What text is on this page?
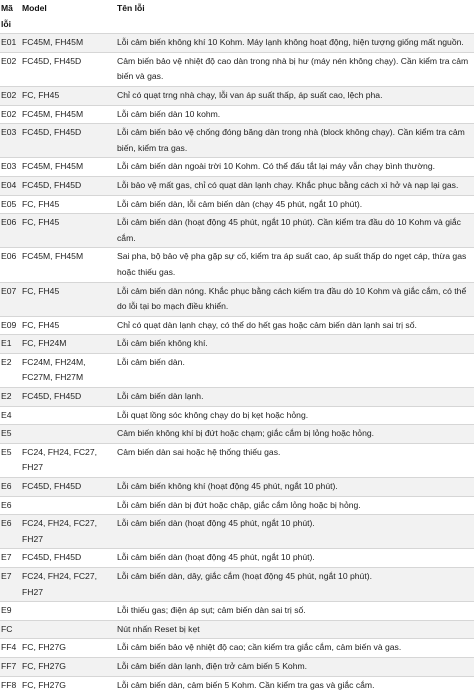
Mã lỗi	Model	Tên lỗi
E01	FC45M, FH45M	Lỗi cảm biến không khí 10 Kohm. Máy lạnh không hoạt động, hiện tượng giống mất nguồn.
E02	FC45D, FH45D	Cảm biến bảo vệ nhiệt độ cao dàn trong nhà bị hư (máy nén không chạy). Cần kiểm tra cảm biến và gas.
E02	FC, FH45	Chỉ có quạt trng nhà chạy, lỗi van áp suất thấp, áp suất cao, lệch pha.
E02	FC45M, FH45M	Lỗi cảm biến dàn 10 kohm.
E03	FC45D, FH45D	Lỗi cảm biến bảo vệ chống đóng băng dàn trong nhà (block không chạy). Cần kiểm tra cảm biến, kiểm tra gas.
E03	FC45M, FH45M	Lỗi cảm biến dàn ngoài trời 10 Kohm. Có thể đấu tắt lại máy vẫn chạy bình thường.
E04	FC45D, FH45D	Lỗi bảo vệ mất gas, chỉ có quạt dàn lạnh chạy. Khắc phục bằng cách xì hở và nạp lại gas.
E05	FC, FH45	Lỗi cảm biến dàn, lỗi cảm biến dàn (chạy 45 phút, ngắt 10 phút).
E06	FC, FH45	Lỗi cảm biến dàn (hoạt động 45 phút, ngắt 10 phút). Cần kiểm tra đầu dò 10 Kohm và giắc cắm.
E06	FC45M, FH45M	Sai pha, bộ bảo vệ pha gặp sự cố, kiểm tra áp suất cao, áp suất thấp do ngẹt cáp, thừa gas hoặc thiếu gas.
E07	FC, FH45	Lỗi cảm biến dàn nóng. Khắc phục bằng cách kiểm tra đầu dò 10 Kohm và giắc cắm, có thể do lỗi tại bo mạch điều khiển.
E09	FC, FH45	Chỉ có quạt dàn lạnh chạy, có thể do hết gas hoặc cảm biến dàn lạnh sai trị số.
E1	FC, FH24M	Lỗi cảm biến không khí.
E2	FC24M, FH24M, FC27M, FH27M	Lỗi cảm biến dàn.
E2	FC45D, FH45D	Lỗi cảm biến dàn lạnh.
E4		Lỗi quạt lồng sóc không chạy do bị kẹt hoặc hỏng.
E5		Cảm biến không khí bị đứt hoặc chạm; giắc cắm bị lỏng hoặc hỏng.
E5	FC24, FH24, FC27, FH27	Cảm biến dàn sai hoặc hệ thống thiếu gas.
E6	FC45D, FH45D	Lỗi cảm biến không khí (hoạt động 45 phút, ngắt 10 phút).
E6		Lỗi cảm biến dàn bị đứt hoặc chập, giắc cắm lỏng hoặc bị hỏng.
E6	FC24, FH24, FC27, FH27	Lỗi cảm biến dàn (hoạt động 45 phút, ngắt 10 phút).
E7	FC45D, FH45D	Lỗi cảm biến dàn (hoạt động 45 phút, ngắt 10 phút).
E7	FC24, FH24, FC27, FH27	Lỗi cảm biến dàn, dây, giắc cắm (hoạt động 45 phút, ngắt 10 phút).
E9		Lỗi thiếu gas; điện áp sụt; cảm biến dàn sai trị số.
FC		Nút nhấn Reset bị kẹt
FF4	FC, FH27G	Lỗi cảm biến bảo vệ nhiệt độ cao; cần kiểm tra giắc cắm, cảm biến và gas.
FF7	FC, FH27G	Lỗi cảm biến dàn lạnh, điện trở cảm biến 5 Kohm.
FF8	FC, FH27G	Lỗi cảm biến dàn, cảm biến 5 Kohm. Cần kiểm tra gas và giắc cắm.
